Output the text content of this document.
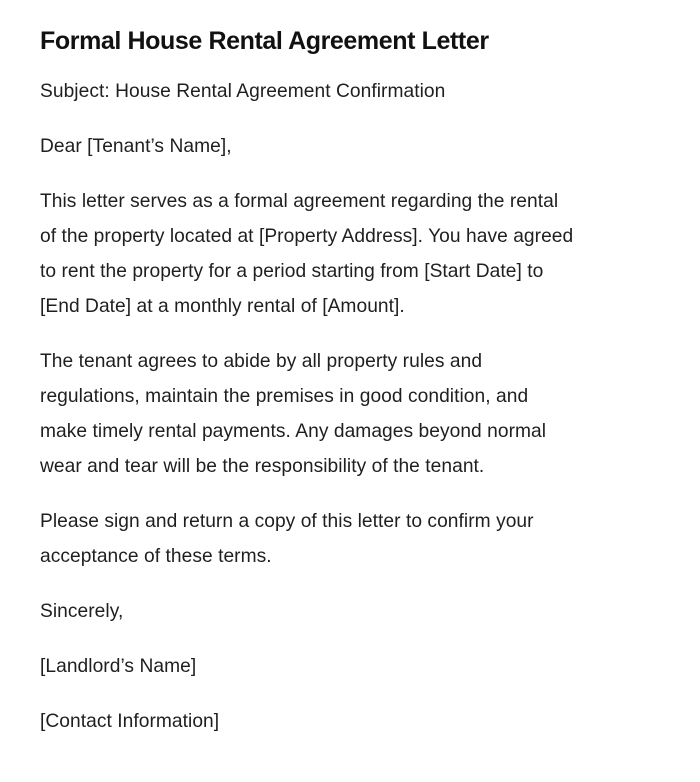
Formal House Rental Agreement Letter

Subject: House Rental Agreement Confirmation

Dear [Tenant’s Name],

This letter serves as a formal agreement regarding the rental
of the property located at [Property Address]. You have agreed
to rent the property for a period starting from [Start Date] to
[End Date] at a monthly rental of [Amount].

The tenant agrees to abide by all property rules and
regulations, maintain the premises in good condition, and
make timely rental payments. Any damages beyond normal
wear and tear will be the responsibility of the tenant.

Please sign and return a copy of this letter to confirm your
acceptance of these terms.

Sincerely,

[Landlord’s Name]

[Contact Information]
